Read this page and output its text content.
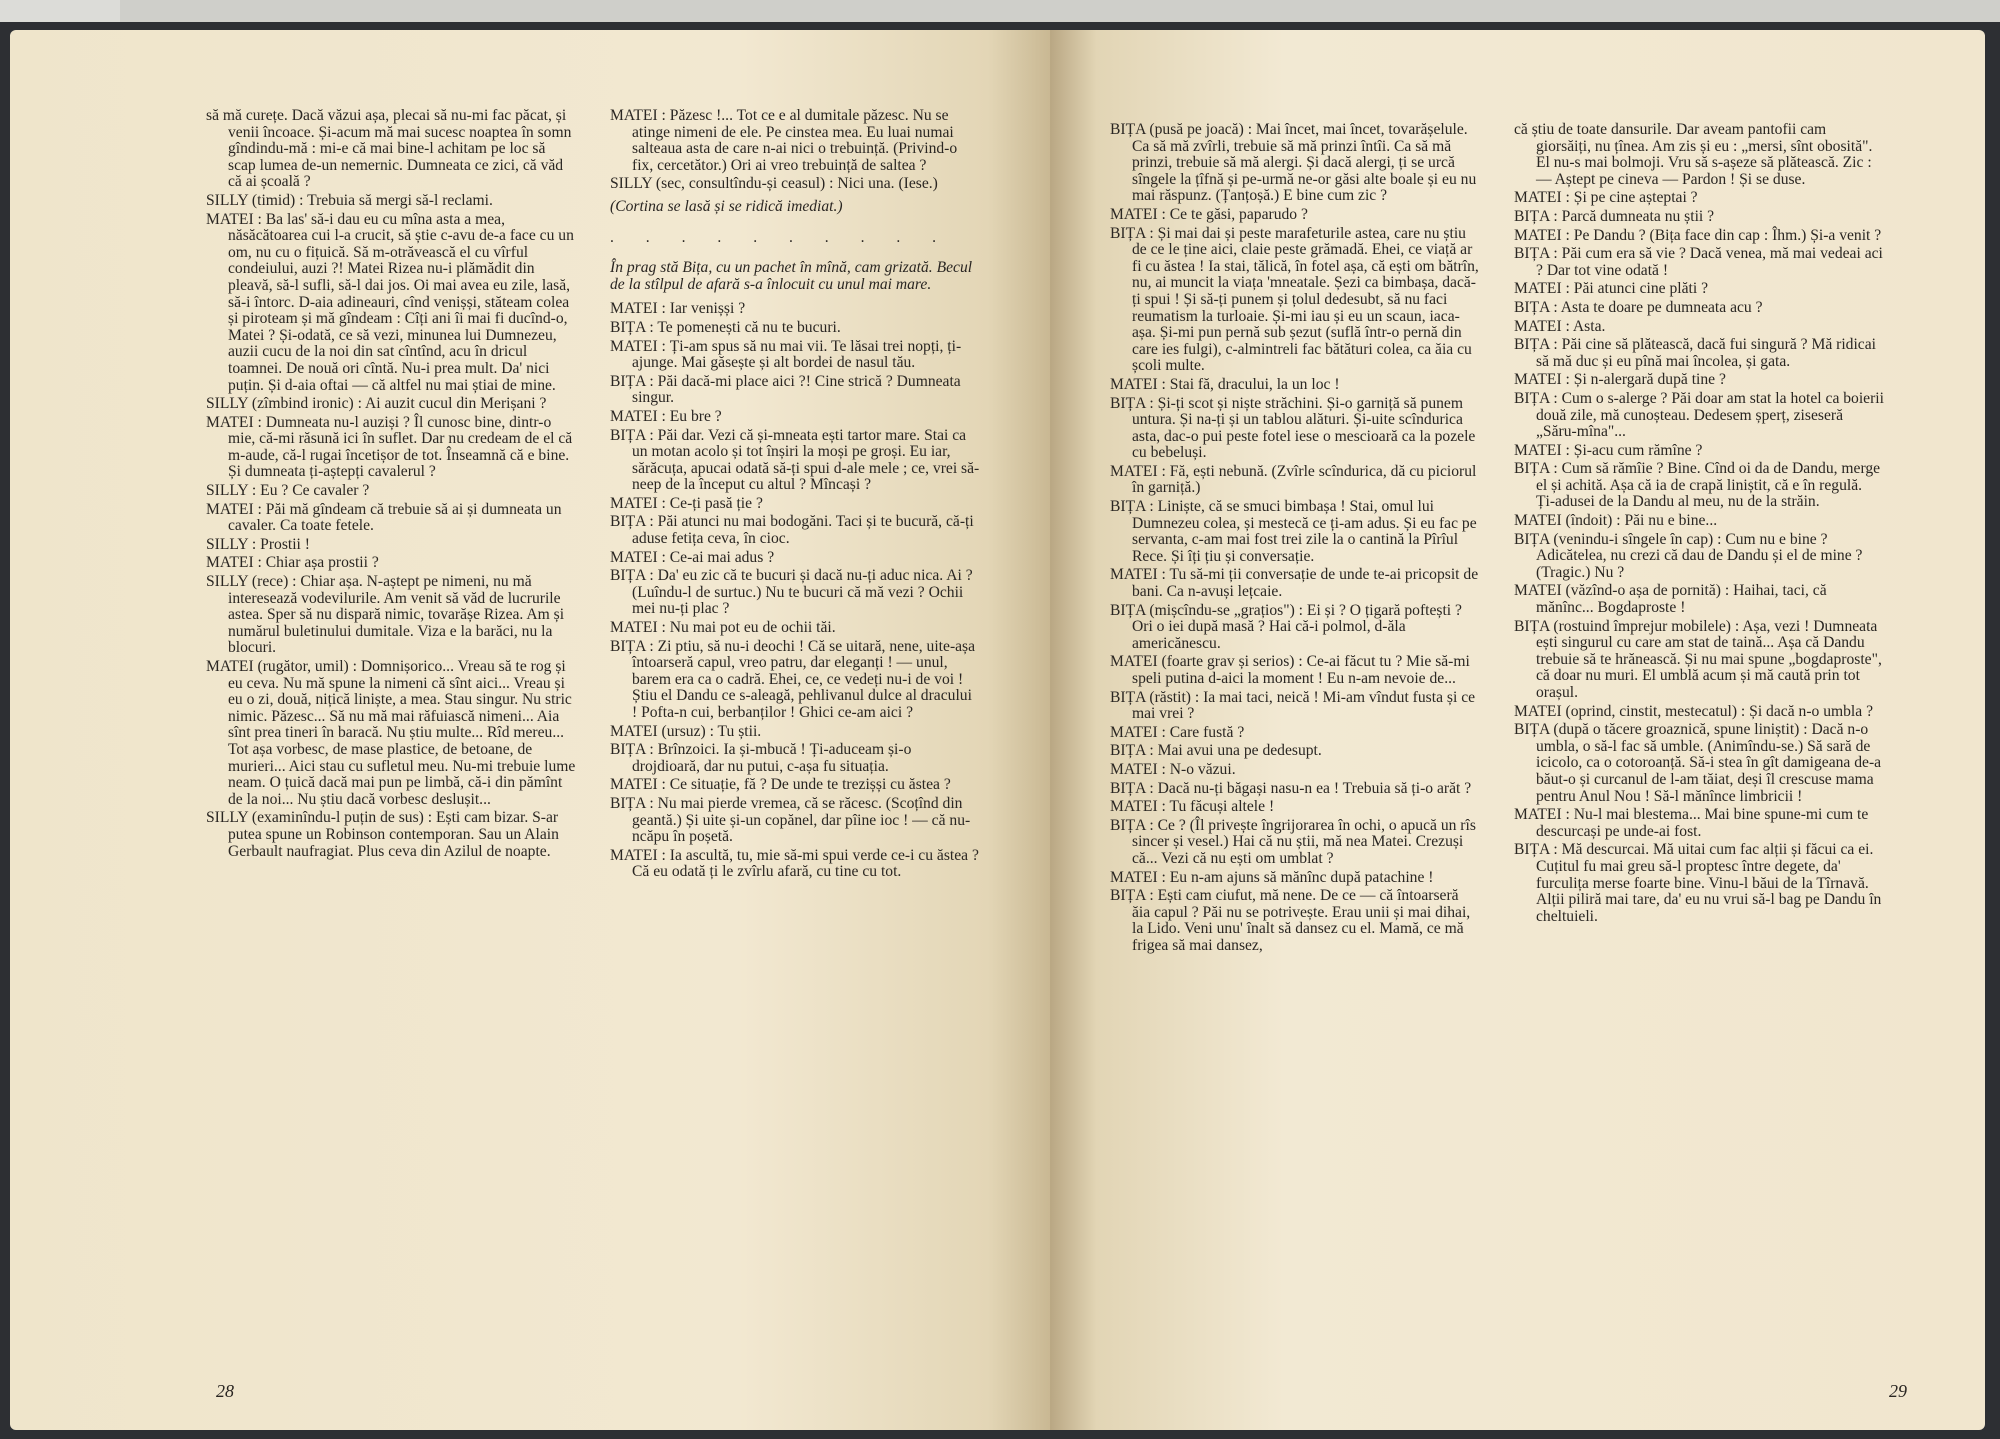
să mă curețe. Dacă văzui așa, plecai să nu-mi fac păcat, și venii încoace. Și-acum mă mai sucesc noaptea în somn gîndindu-mă : mi-e că mai bine-l achitam pe loc să scap lumea de-un nemernic. Dumneata ce zici, că văd că ai școală ?

SILLY (timid) : Trebuia să mergi să-l reclami.

MATEI : Ba las' să-i dau eu cu mîna asta a mea, năsăcătoarea cui l-a crucit, să știe c-avu de-a face cu un om, nu cu o fițuică. Să m-otrăvească el cu vîrful condeiului, auzi ?! Matei Rizea nu-i plămădit din pleavă, să-l sufli, să-l dai jos. Oi mai avea eu zile, lasă, să-i întorc. D-aia adineauri, cînd venișși, stăteam colea și piroteam și mă gîndeam : Cîți ani îi mai fi ducînd-o, Matei ? Și-odată, ce să vezi, minunea lui Dumnezeu, auzii cucu de la noi din sat cîntînd, acu în dricul toamnei. De nouă ori cîntă. Nu-i prea mult. Da' nici puțin. Și d-aia oftai — că altfel nu mai știai de mine.

SILLY (zîmbind ironic) : Ai auzit cucul din Merișani ?

MATEI : Dumneata nu-l auziși ? Îl cunosc bine, dintr-o mie, că-mi răsună ici în suflet. Dar nu credeam de el că m-aude, că-l rugai încetișor de tot. Înseamnă că e bine. Și dumneata ți-aștepți cavalerul ?

SILLY : Eu ? Ce cavaler ?

MATEI : Păi mă gîndeam că trebuie să ai și dumneata un cavaler. Ca toate fetele.

SILLY : Prostii !

MATEI : Chiar așa prostii ?

SILLY (rece) : Chiar așa. N-aștept pe nimeni, nu mă interesează vodevilurile. Am venit să văd de lucrurile astea. Sper să nu dispară nimic, tovarășe Rizea. Am și numărul buletinului dumitale. Viza e la barăci, nu la blocuri.

MATEI (rugător, umil) : Domnișorico... Vreau să te rog și eu ceva. Nu mă spune la nimeni că sînt aici... Vreau și eu o zi, două, nițică liniște, a mea. Stau singur. Nu stric nimic. Păzesc... Să nu mă mai răfuiască nimeni... Aia sînt prea tineri în baracă. Nu știu multe... Rîd mereu... Tot așa vorbesc, de mase plastice, de betoane, de murieri... Aici stau cu sufletul meu. Nu-mi trebuie lume neam. O țuică dacă mai pun pe limbă, că-i din pămînt de la noi... Nu știu dacă vorbesc deslușit...

SILLY (examinîndu-l puțin de sus) : Ești cam bizar. S-ar putea spune un Robinson contemporan. Sau un Alain Gerbault naufragiat. Plus ceva din Azilul de noapte.

MATEI : Păzesc !... Tot ce e al dumitale păzesc. Nu se atinge nimeni de ele. Pe cinstea mea. Eu luai numai salteaua asta de care n-ai nici o trebuință. (Privind-o fix, cercetător.) Ori ai vreo trebuință de saltea ?

SILLY (sec, consultîndu-și ceasul) : Nici una. (Iese.)

(Cortina se lasă și se ridică imediat.)

. . . . . . . . . .

În prag stă Bița, cu un pachet în mînă, cam grizată. Becul de la stîlpul de afară s-a înlocuit cu unul mai mare.

MATEI : Iar venișși ?

BIȚA : Te pomenești că nu te bucuri.

MATEI : Ți-am spus să nu mai vii. Te lăsai trei nopți, ți-ajunge. Mai găsește și alt bordei de nasul tău.

BIȚA : Păi dacă-mi place aici ?! Cine strică ? Dumneata singur.

MATEI : Eu bre ?

BIȚA : Păi dar. Vezi că și-mneata ești tartor mare. Stai ca un motan acolo și tot înșiri la moși pe groși. Eu iar, sărăcuța, apucai odată să-ți spui d-ale mele ; ce, vrei să-neep de la început cu altul ? Mîncași ?

MATEI : Ce-ți pasă ție ?

BIȚA : Păi atunci nu mai bodogăni. Taci și te bucură, că-ți aduse fetița ceva, în cioc.

MATEI : Ce-ai mai adus ?

BIȚA : Da' eu zic că te bucuri și dacă nu-ți aduc nica. Ai ? (Luîndu-l de surtuc.) Nu te bucuri că mă vezi ? Ochii mei nu-ți plac ?

MATEI : Nu mai pot eu de ochii tăi.

BIȚA : Zi ptiu, să nu-i deochi ! Că se uitară, nene, uite-așa întoarseră capul, vreo patru, dar eleganți ! — unul, barem era ca o cadră. Ehei, ce, ce vedeți nu-i de voi ! Știu el Dandu ce s-aleagă, pehlivanul dulce al dracului ! Pofta-n cui, berbanților ! Ghici ce-am aici ?

MATEI (ursuz) : Tu știi.

BIȚA : Brînzoici. Ia și-mbucă ! Ți-aduceam și-o drojdioară, dar nu putui, c-așa fu situația.

MATEI : Ce situație, fă ? De unde te trezișși cu ăstea ?

BIȚA : Nu mai pierde vremea, că se răcesc. (Scoțînd din geantă.) Și uite și-un copănel, dar pîine ioc ! — că nu-ncăpu în poșetă.

MATEI : Ia ascultă, tu, mie să-mi spui verde ce-i cu ăstea ? Că eu odată ți le zvîrlu afară, cu tine cu tot.

28

BIȚA (pusă pe joacă) : Mai încet, mai încet, tovarășelule. Ca să mă zvîrli, trebuie să mă prinzi întîi. Ca să mă prinzi, trebuie să mă alergi. Și dacă alergi, ți se urcă sîngele la țîfnă și pe-urmă ne-or găsi alte boale și eu nu mai răspunz. (Țanțoșă.) E bine cum zic ?

MATEI : Ce te găsi, paparudo ?

BIȚA : Și mai dai și peste marafeturile astea, care nu știu de ce le ține aici, claie peste grămadă. Ehei, ce viață ar fi cu ăstea ! Ia stai, tălică, în fotel așa, că ești om bătrîn, nu, ai muncit la viața 'mneatale. Șezi ca bimbașa, dacă-ți spui ! Și să-ți punem și țolul dedesubt, să nu faci reumatism la turloaie. Și-mi iau și eu un scaun, iaca-așa. Și-mi pun pernă sub șezut (suflă într-o pernă din care ies fulgi), c-almintreli fac bătături colea, ca ăia cu școli multe.

MATEI : Stai fă, dracului, la un loc !

BIȚA : Și-ți scot și niște străchini. Și-o garniță să punem untura. Și na-ți și un tablou alături. Și-uite scîndurica asta, dac-o pui peste fotel iese o mescioară ca la pozele cu bebeluși.

MATEI : Fă, ești nebună. (Zvîrle scîndurica, dă cu piciorul în garniță.)

BIȚA : Liniște, că se smuci bimbașa ! Stai, omul lui Dumnezeu colea, și mestecă ce ți-am adus. Și eu fac pe servanta, c-am mai fost trei zile la o cantină la Pîrîul Rece. Și îți țiu și conversație.

MATEI : Tu să-mi ții conversație de unde te-ai pricopsit de bani. Ca n-avuși lețcaie.

BIȚA (mișcîndu-se „grațios") : Ei și ? O țigară poftești ? Ori o iei după masă ? Hai că-i polmol, d-ăla americănescu.

MATEI (foarte grav și serios) : Ce-ai făcut tu ? Mie să-mi speli putina d-aici la moment ! Eu n-am nevoie de...

BIȚA (răstit) : Ia mai taci, neică ! Mi-am vîndut fusta și ce mai vrei ?

MATEI : Care fustă ?

BIȚA : Mai avui una pe dedesupt.

MATEI : N-o văzui.

BIȚA : Dacă nu-ți băgași nasu-n ea ! Trebuia să ți-o arăt ?

MATEI : Tu făcuși altele !

BIȚA : Ce ? (Îl privește îngrijorarea în ochi, o apucă un rîs sincer și vesel.) Hai că nu știi, mă nea Matei. Crezuși că... Vezi că nu ești om umblat ?

MATEI : Eu n-am ajuns să mănînc după patachine !

BIȚA : Ești cam ciufut, mă nene. De ce — că întoarseră ăia capul ? Păi nu se potrivește. Erau unii și mai dihai, la Lido. Veni unu' înalt să dansez cu el. Mamă, ce mă frigea să mai dansez,

că știu de toate dansurile. Dar aveam pantofii cam giorsăiți, nu țînea. Am zis și eu : „mersi, sînt obosită". El nu-s mai bolmoji. Vru să s-așeze să plătească. Zic : — Aștept pe cineva — Pardon ! Și se duse.

MATEI : Și pe cine așteptai ?

BIȚA : Parcă dumneata nu știi ?

MATEI : Pe Dandu ? (Bița face din cap : Îhm.) Și-a venit ?

BIȚA : Păi cum era să vie ? Dacă venea, mă mai vedeai aci ? Dar tot vine odată !

MATEI : Păi atunci cine plăti ?

BIȚA : Asta te doare pe dumneata acu ?

MATEI : Asta.

BIȚA : Păi cine să plătească, dacă fui singură ? Mă ridicai să mă duc și eu pînă mai încolea, și gata.

MATEI : Și n-alergară după tine ?

BIȚA : Cum o s-alerge ? Păi doar am stat la hotel ca boierii două zile, mă cunoșteau. Dedesem șperț, ziseseră „Săru-mîna"...

MATEI : Și-acu cum rămîne ?

BIȚA : Cum să rămîie ? Bine. Cînd oi da de Dandu, merge el și achită. Așa că ia de crapă liniștit, că e în regulă. Ți-adusei de la Dandu al meu, nu de la străin.

MATEI (îndoit) : Păi nu e bine...

BIȚA (venindu-i sîngele în cap) : Cum nu e bine ? Adicătelea, nu crezi că dau de Dandu și el de mine ? (Tragic.) Nu ?

MATEI (văzînd-o așa de pornită) : Haihai, taci, că mănînc... Bogdaproste !

BIȚA (rostuind împrejur mobilele) : Așa, vezi ! Dumneata ești singurul cu care am stat de taină... Așa că Dandu trebuie să te hrănească. Și nu mai spune „bogdaproste", că doar nu muri. El umblă acum și mă caută prin tot orașul.

MATEI (oprind, cinstit, mestecatul) : Și dacă n-o umbla ?

BIȚA (după o tăcere groaznică, spune liniștit) : Dacă n-o umbla, o să-l fac să umble. (Animîndu-se.) Să sară de icicolo, ca o cotoroanță. Să-i stea în gît damigeana de-a băut-o și curcanul de l-am tăiat, deși îl crescuse mama pentru Anul Nou ! Să-l mănînce limbricii !

MATEI : Nu-l mai blestema... Mai bine spune-mi cum te descurcași pe unde-ai fost.

BIȚA : Mă descurcai. Mă uitai cum fac alții și făcui ca ei. Cuțitul fu mai greu să-l proptesc între degete, da' furculița merse foarte bine. Vinu-l băui de la Tîrnavă. Alții piliră mai tare, da' eu nu vrui să-l bag pe Dandu în cheltuieli.

29
